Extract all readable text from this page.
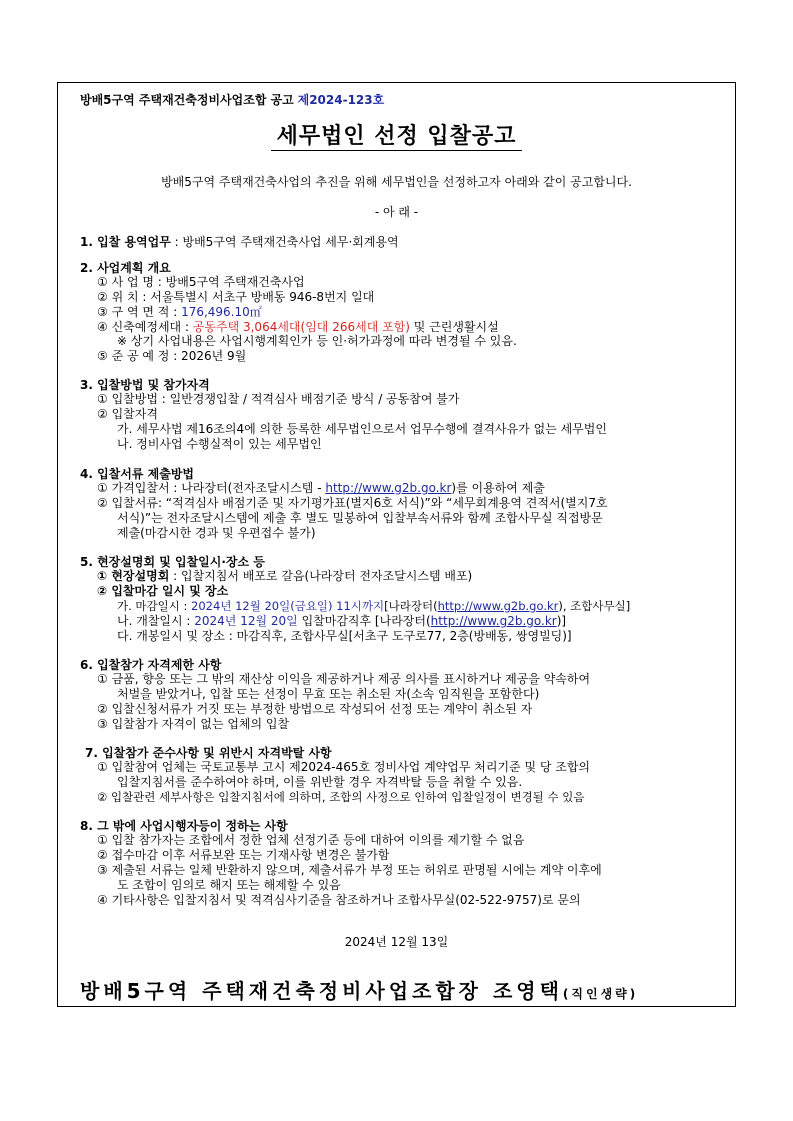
방배5구역 주택재건축정비사업조합 공고 제2024-123호
세무법인 선정 입찰공고
방배5구역 주택재건축사업의 추진을 위해 세무법인을 선정하고자 아래와 같이 공고합니다.
- 아 래 -
1. 입찰 용역업무 : 방배5구역 주택재건축사업 세무·회계용역
2. 사업계획 개요
① 사 업 명 : 방배5구역 주택재건축사업
② 위 치 : 서울특별시 서초구 방배동 946-8번지 일대
③ 구 역 면 적 : 176,496.10㎡
④ 신축예정세대 : 공동주택 3,064세대(임대 266세대 포함) 및 근린생활시설
※ 상기 사업내용은 사업시행계획인가 등 인·허가과정에 따라 변경될 수 있음.
⑤ 준 공 예 정 : 2026년 9월
3. 입찰방법 및 참가자격
① 입찰방법 : 일반경쟁입찰 / 적격심사 배점기준 방식 / 공동참여 불가
② 입찰자격
가. 세무사법 제16조의4에 의한 등록한 세무법인으로서 업무수행에 결격사유가 없는 세무법인
나. 정비사업 수행실적이 있는 세무법인
4. 입찰서류 제출방법
① 가격입찰서 : 나라장터(전자조달시스템 - http://www.g2b.go.kr)를 이용하여 제출
② 입찰서류: “적격심사 배점기준 및 자기평가표(별지6호 서식)”와 “세무회계용역 견적서(별지7호
서식)”는 전자조달시스템에 제출 후 별도 밀봉하여 입찰부속서류와 함께 조합사무실 직접방문
제출(마감시한 경과 및 우편접수 불가)
5. 현장설명회 및 입찰일시·장소 등
① 현장설명회 : 입찰지침서 배포로 갈음(나라장터 전자조달시스템 배포)
② 입찰마감 일시 및 장소
가. 마감일시 : 2024년 12월 20일(금요일) 11시까지[나라장터(http://www.g2b.go.kr), 조합사무실]
나. 개찰일시 : 2024년 12월 20일 입찰마감직후 [나라장터(http://www.g2b.go.kr)]
다. 개봉일시 및 장소 : 마감직후, 조합사무실[서초구 도구로77, 2층(방배동, 쌍영빌딩)]
6. 입찰참가 자격제한 사항
① 금품, 향응 또는 그 밖의 재산상 이익을 제공하거나 제공 의사를 표시하거나 제공을 약속하여
처벌을 받았거나, 입찰 또는 선정이 무효 또는 취소된 자(소속 임직원을 포함한다)
② 입찰신청서류가 거짓 또는 부정한 방법으로 작성되어 선정 또는 계약이 취소된 자
③ 입찰참가 자격이 없는 업체의 입찰
7. 입찰참가 준수사항 및 위반시 자격박탈 사항
① 입찰참여 업체는 국토교통부 고시 제2024-465호 정비사업 계약업무 처리기준 및 당 조합의
입찰지침서를 준수하여야 하며, 이를 위반할 경우 자격박탈 등을 취할 수 있음.
② 입찰관련 세부사항은 입찰지침서에 의하며, 조합의 사정으로 인하여 입찰일정이 변경될 수 있음
8. 그 밖에 사업시행자등이 정하는 사항
① 입찰 참가자는 조합에서 정한 업체 선정기준 등에 대하여 이의를 제기할 수 없음
② 접수마감 이후 서류보완 또는 기재사항 변경은 불가함
③ 제출된 서류는 일체 반환하지 않으며, 제출서류가 부정 또는 허위로 판명될 시에는 계약 이후에
도 조합이 임의로 해지 또는 해제할 수 있음
④ 기타사항은 입찰지침서 및 적격심사기준을 참조하거나 조합사무실(02-522-9757)로 문의
2024년 12월 13일
방배5구역 주택재건축정비사업조합장 조영택(직인생략)
